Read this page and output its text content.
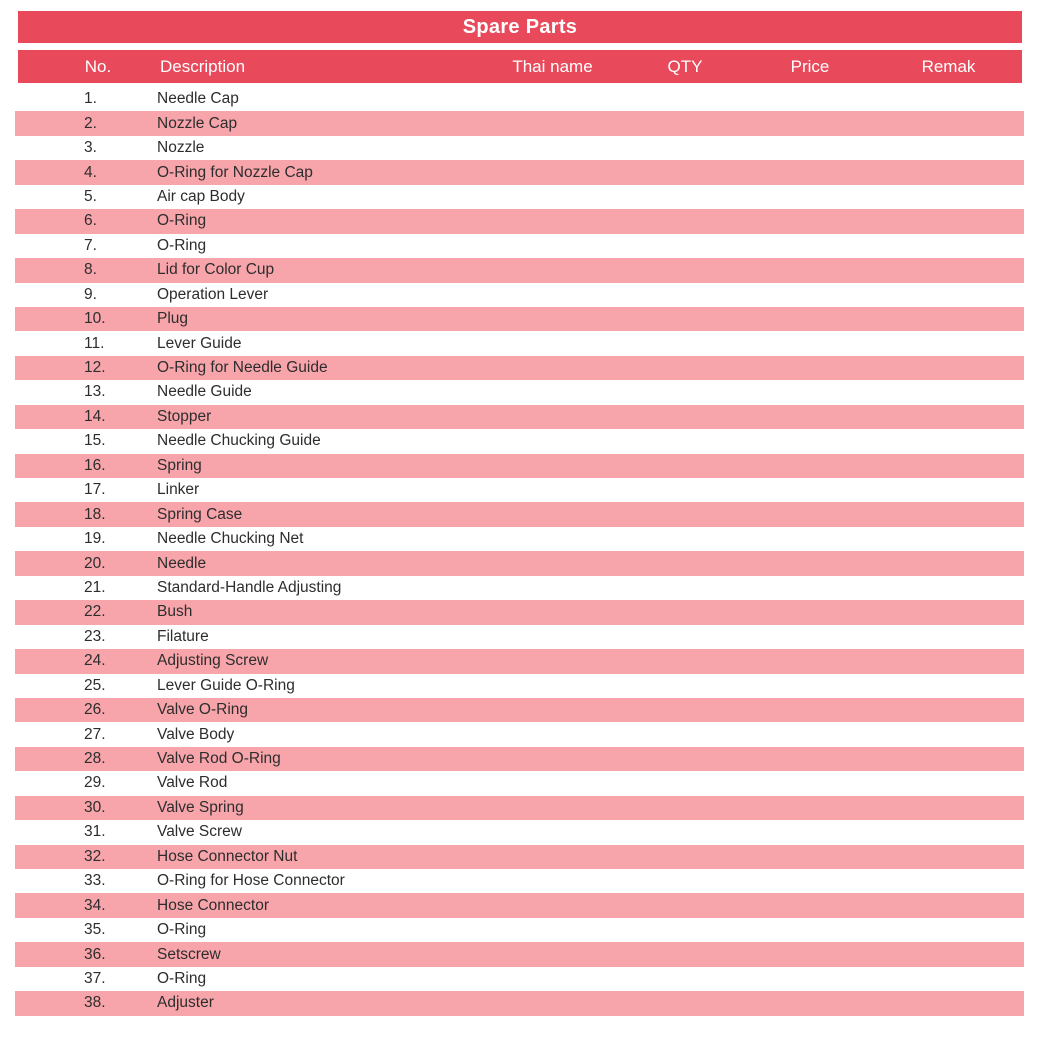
Spare Parts
No.	Description	Thai name	QTY	Price	Remak
1.	Needle Cap
2.	Nozzle Cap
3.	Nozzle
4.	O-Ring for Nozzle Cap
5.	Air cap Body
6.	O-Ring
7.	O-Ring
8.	Lid for Color Cup
9.	Operation Lever
10.	Plug
11.	Lever Guide
12.	O-Ring for Needle Guide
13.	Needle Guide
14.	Stopper
15.	Needle Chucking Guide
16.	Spring
17.	Linker
18.	Spring Case
19.	Needle Chucking Net
20.	Needle
21.	Standard-Handle Adjusting
22.	Bush
23.	Filature
24.	Adjusting Screw
25.	Lever Guide O-Ring
26.	Valve O-Ring
27.	Valve Body
28.	Valve Rod O-Ring
29.	Valve Rod
30.	Valve Spring
31.	Valve Screw
32.	Hose Connector Nut
33.	O-Ring for Hose Connector
34.	Hose Connector
35.	O-Ring
36.	Setscrew
37.	O-Ring
38.	Adjuster
